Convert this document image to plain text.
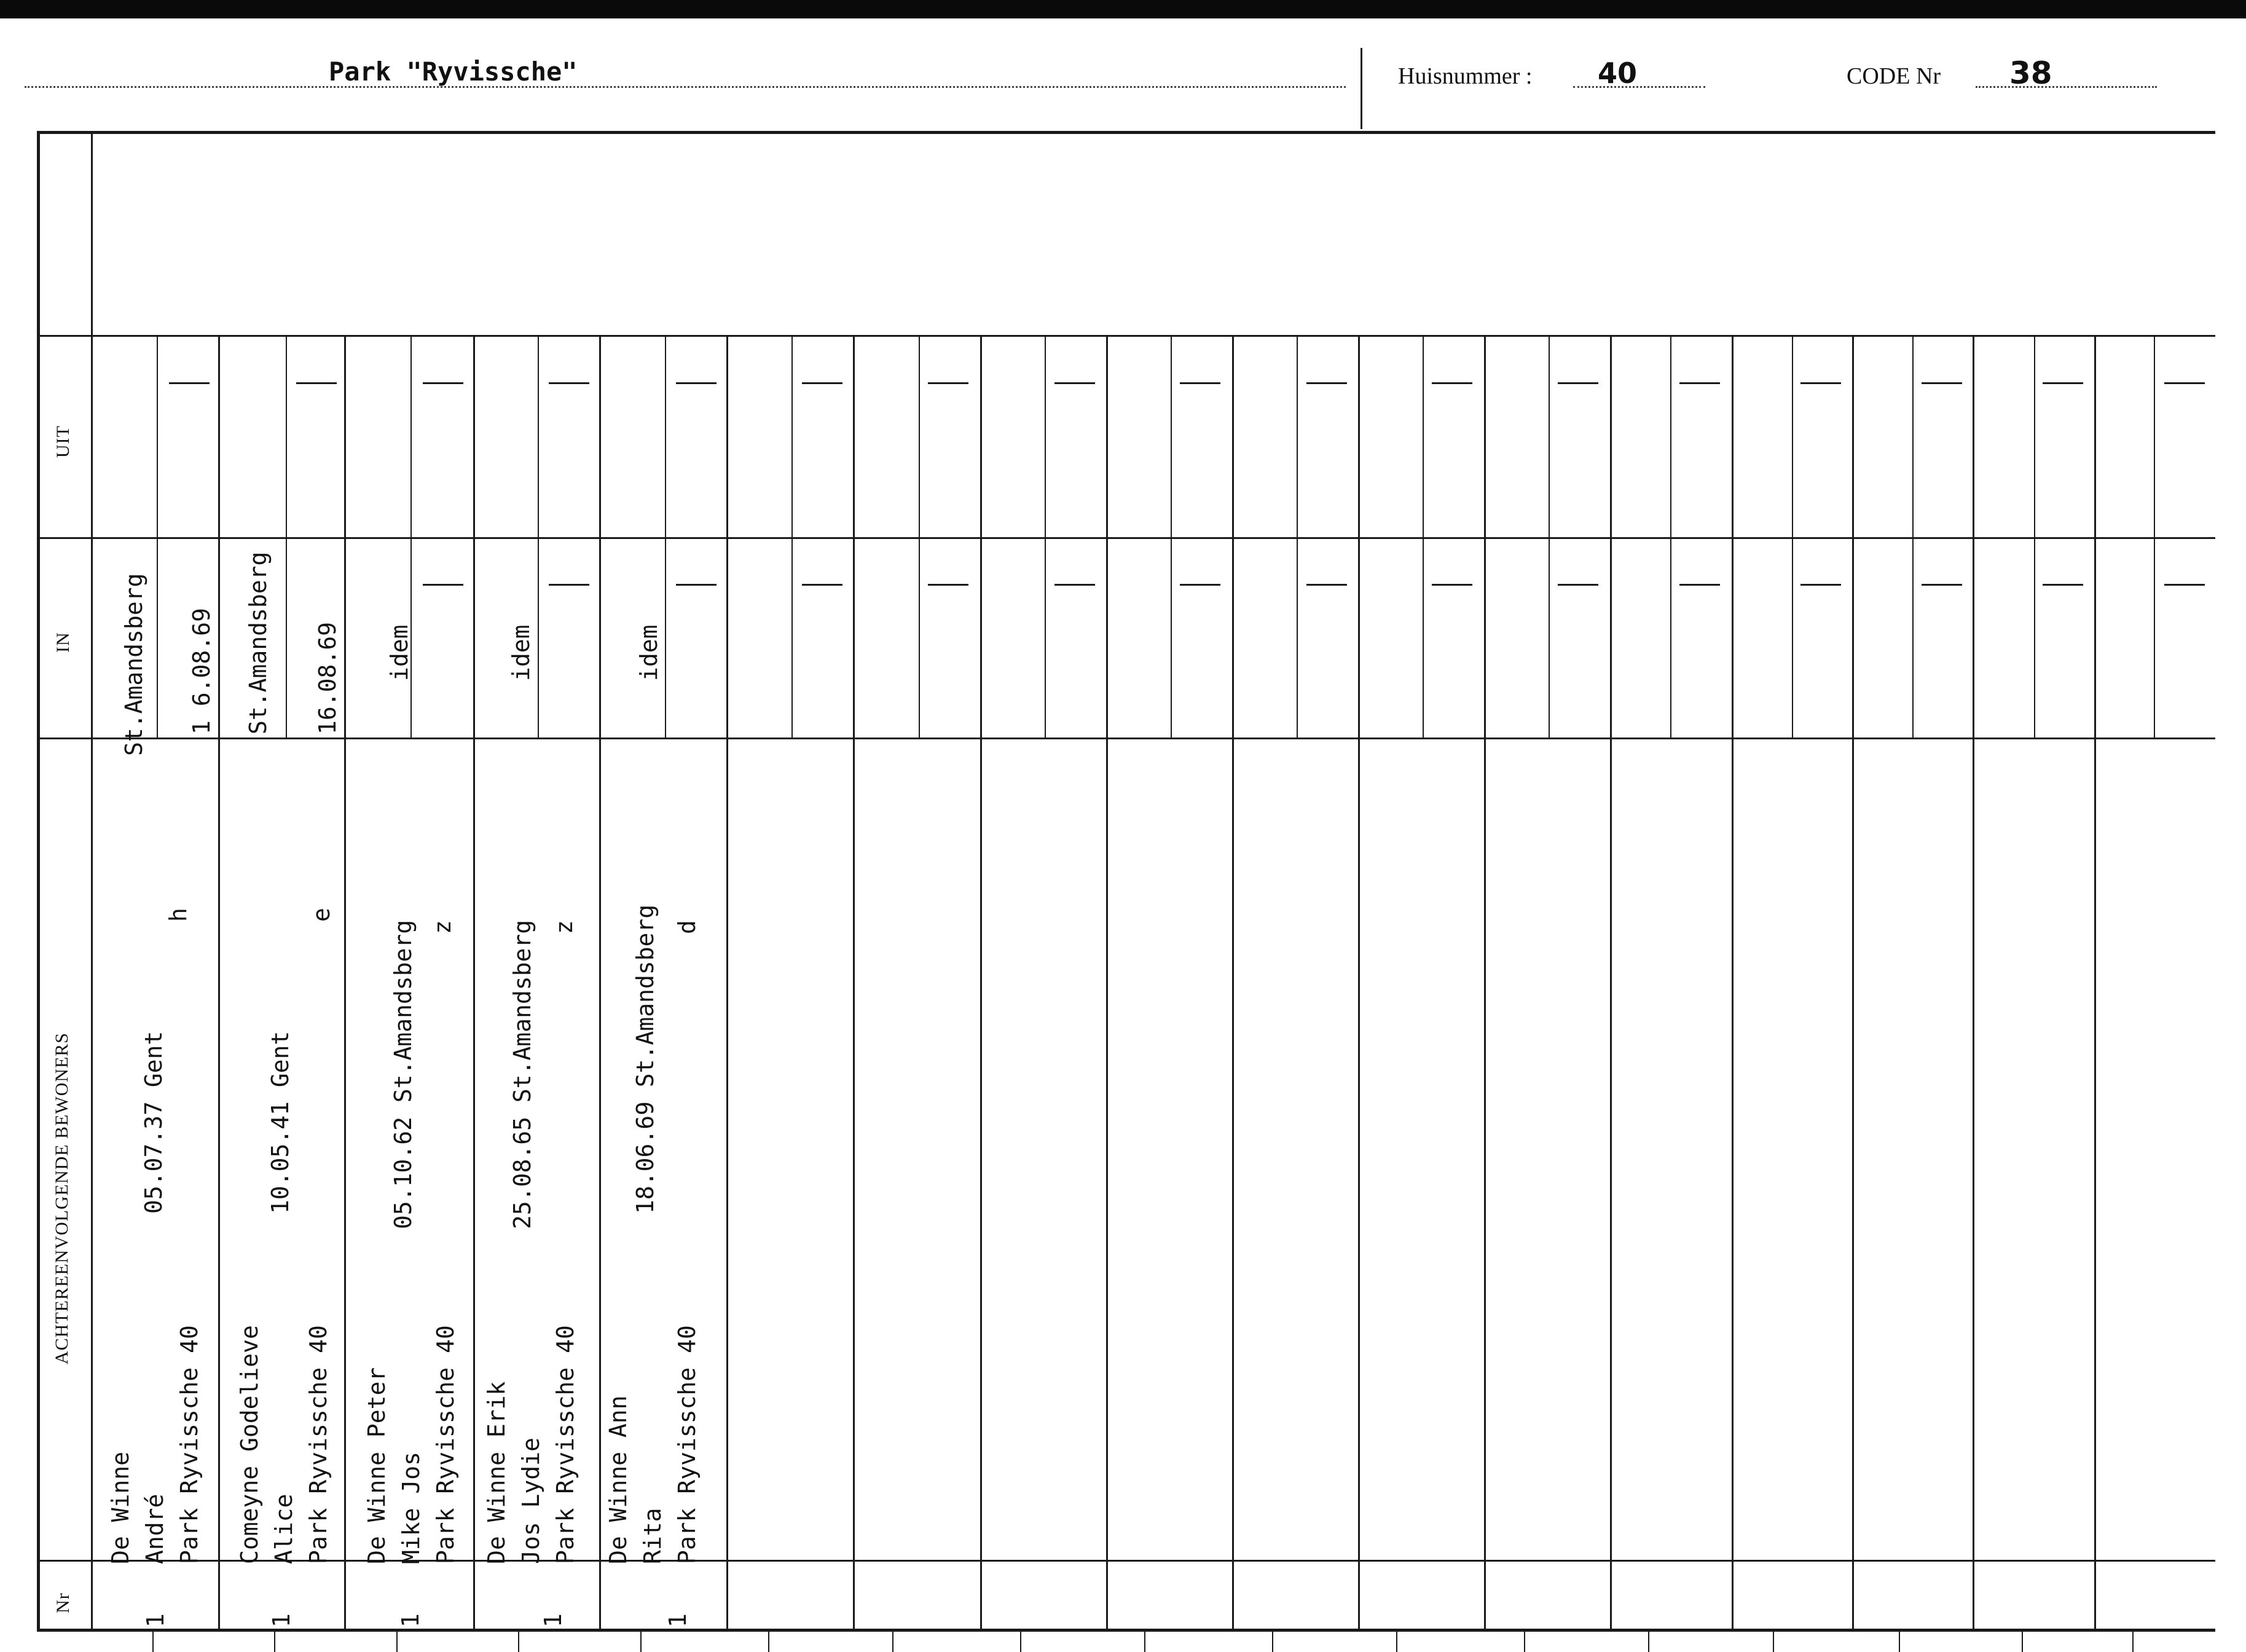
Park "Ryvissche"	Huisnummer : 40	CODE Nr 38
UIT
IN
ACHTEREENVOLGENDE BEWONERS
Nr
De Winne André Park Ryvissche 40
05.07.37 Gent
h
St.Amandsberg 1 6.08.69
1
Comeyne Godelieve Alice Park Ryvissche 40
10.05.41 Gent
e
St.Amandsberg 16.08.69
1
De Winne Peter Mike Jos Park Ryvissche 40
05.10.62 St.Amandsberg z
idem
1
De Winne Erik Jos Lydie Park Ryvissche 40
25.08.65 St.Amandsberg z
idem
1
De Winne Ann Rita Park Ryvissche 40
18.06.69 St.Amandsberg d
idem
1
